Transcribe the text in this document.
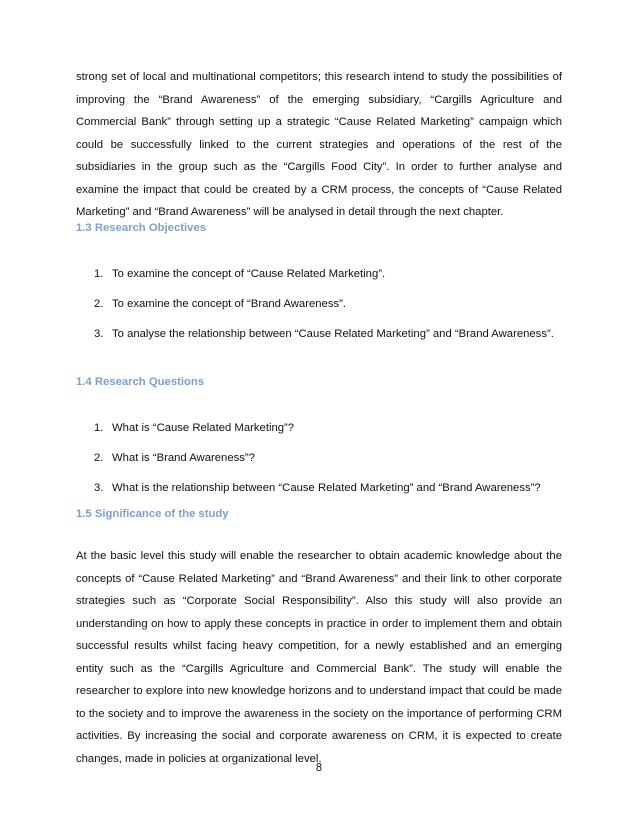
strong set of local and multinational competitors; this research intend to study the possibilities of improving the “Brand Awareness” of the emerging subsidiary, “Cargills Agriculture and Commercial Bank” through setting up a strategic “Cause Related Marketing” campaign which could be successfully linked to the current strategies and operations of the rest of the subsidiaries in the group such as the “Cargills Food City”. In order to further analyse and examine the impact that could be created by a CRM process, the concepts of “Cause Related Marketing” and “Brand Awareness” will be analysed in detail through the next chapter.

1.3 Research Objectives
1. To examine the concept of “Cause Related Marketing”.
2. To examine the concept of “Brand Awareness”.
3. To analyse the relationship between “Cause Related Marketing” and “Brand Awareness”.
1.4 Research Questions
1. What is “Cause Related Marketing”?
2. What is “Brand Awareness”?
3. What is the relationship between “Cause Related Marketing” and “Brand Awareness”?
1.5 Significance of the study

At the basic level this study will enable the researcher to obtain academic knowledge about the concepts of “Cause Related Marketing” and “Brand Awareness” and their link to other corporate strategies such as “Corporate Social Responsibility”. Also this study will also provide an understanding on how to apply these concepts in practice in order to implement them and obtain successful results whilst facing heavy competition, for a newly established and an emerging entity such as the “Cargills Agriculture and Commercial Bank”. The study will enable the researcher to explore into new knowledge horizons and to understand impact that could be made to the society and to improve the awareness in the society on the importance of performing CRM activities. By increasing the social and corporate awareness on CRM, it is expected to create changes, made in policies at organizational level.

8
